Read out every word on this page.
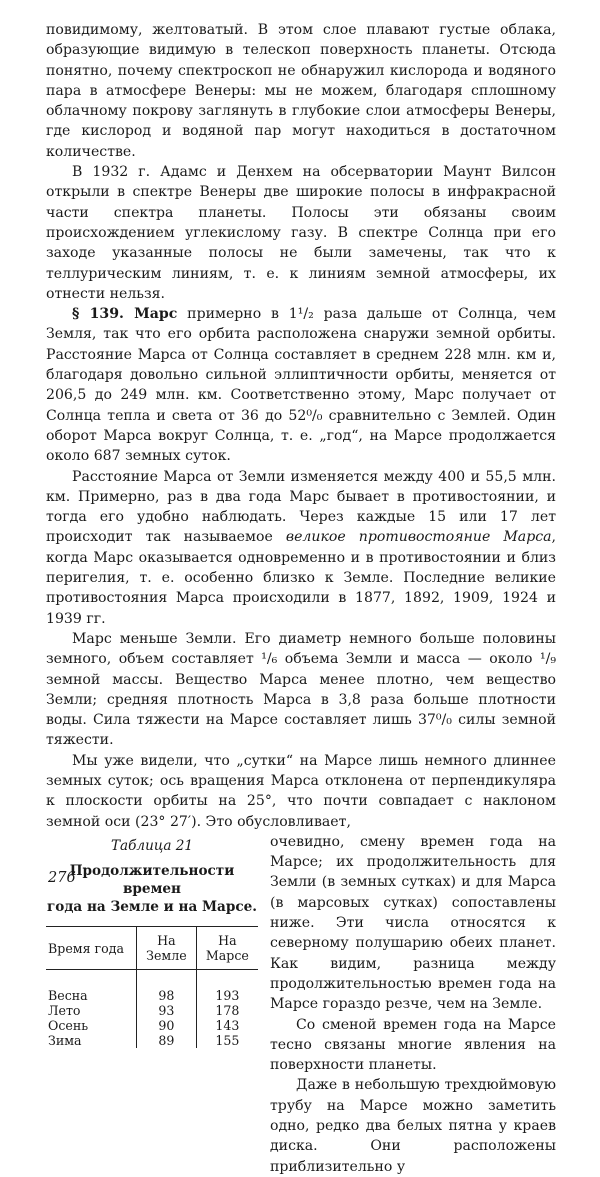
повидимому, желтоватый. В этом слое плавают густые облака, образующие видимую в телескоп поверхность планеты. Отсюда понятно, почему спектроскоп не обнаружил кислорода и водяного пара в атмосфере Венеры: мы не можем, благодаря сплошному облачному покрову заглянуть в глубокие слои атмосферы Венеры, где кислород и водяной пар могут находиться в достаточном количестве.

В 1932 г. Адамс и Денхем на обсерватории Маунт Вилсон открыли в спектре Венеры две широкие полосы в инфракрасной части спектра планеты. Полосы эти обязаны своим происхождением углекислому газу. В спектре Солнца при его заходе указанные полосы не были замечены, так что к теллурическим линиям, т. е. к линиям земной атмосферы, их отнести нельзя.

§ 139. Марс примерно в 1¹/₂ раза дальше от Солнца, чем Земля, так что его орбита расположена снаружи земной орбиты. Расстояние Марса от Солнца составляет в среднем 228 млн. км и, благодаря довольно сильной эллиптичности орбиты, меняется от 206,5 до 249 млн. км. Соответственно этому, Марс получает от Солнца тепла и света от 36 до 52⁰/₀ сравнительно с Землей. Один оборот Марса вокруг Солнца, т. е. „год“, на Марсе продолжается около 687 земных суток.

Расстояние Марса от Земли изменяется между 400 и 55,5 млн. км. Примерно, раз в два года Марс бывает в противостоянии, и тогда его удобно наблюдать. Через каждые 15 или 17 лет происходит так называемое великое противостояние Марса, когда Марс оказывается одновременно и в противостоянии и близ перигелия, т. е. особенно близко к Земле. Последние великие противостояния Марса происходили в 1877, 1892, 1909, 1924 и 1939 гг.

Марс меньше Земли. Его диаметр немного больше половины земного, объем составляет ¹/₆ объема Земли и масса — около ¹/₉ земной массы. Вещество Марса менее плотно, чем вещество Земли; средняя плотность Марса в 3,8 раза больше плотности воды. Сила тяжести на Марсе составляет лишь 37⁰/₀ силы земной тяжести.

Мы уже видели, что „сутки“ на Марсе лишь немного длиннее земных суток; ось вращения Марса отклонена от перпендикуляра к плоскости орбиты на 25°, что почти совпадает с наклоном земной оси (23° 27′). Это обусловливает,

Таблица 21
Продолжительности времен
года на Земле и на Марсе.
Время года	На Земле	На Марсе

Весна	98	193
Лето	93	178
Осень	90	143
Зима	89	155

очевидно, смену времен года на Марсе; их продолжительность для Земли (в земных сутках) и для Марса (в марсовых сутках) сопоставлены ниже. Эти числа относятся к северному полушарию обеих планет. Как видим, разница между продолжительностью времен года на Марсе гораздо резче, чем на Земле.

Со сменой времен года на Марсе тесно связаны многие явления на поверхности планеты.

Даже в небольшую трехдюймовую трубу на Марсе можно заметить одно, редко два белых пятна у краев диска. Они расположены приблизительно у

276
